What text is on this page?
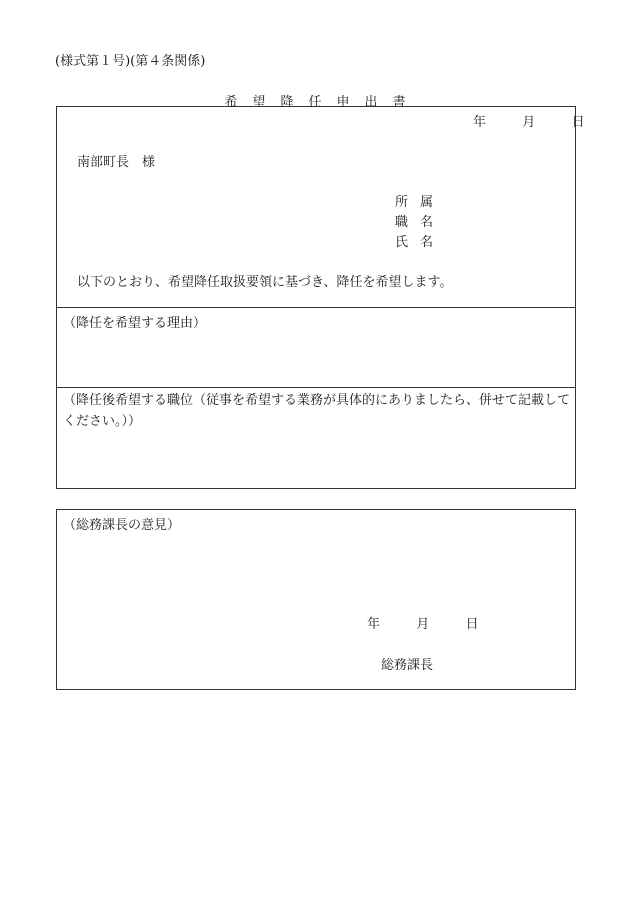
(様式第１号)(第４条関係)
希望降任申出書
年	月	日
南部町長　様
所属
職名
氏名
以下のとおり、希望降任取扱要領に基づき、降任を希望します。
（降任を希望する理由）
（降任後希望する職位（従事を希望する業務が具体的にありましたら、併せて記載してください。））
（総務課長の意見）
年	月	日
総務課長
